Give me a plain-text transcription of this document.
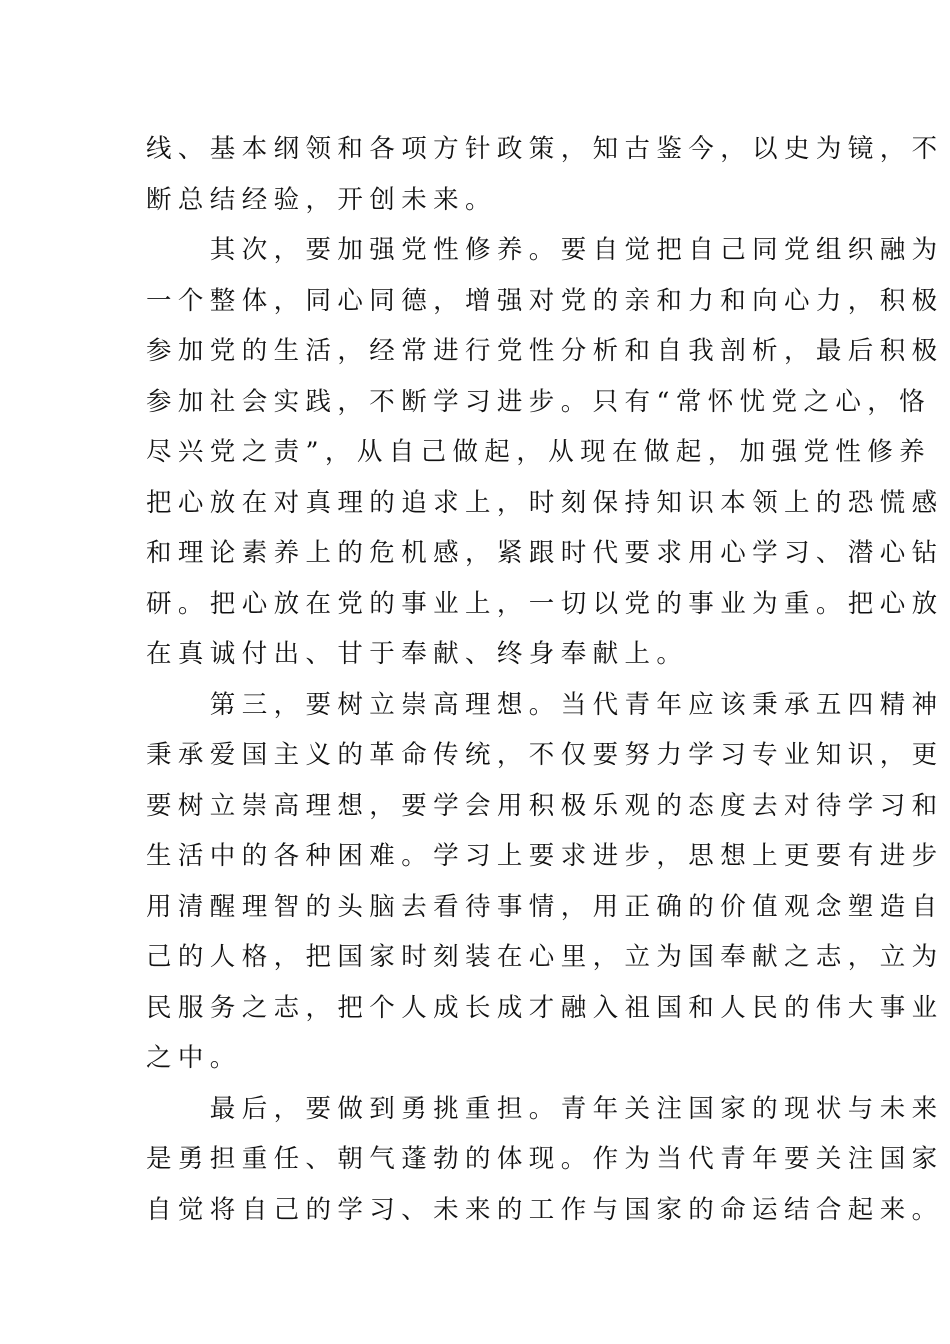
线、基本纲领和各项方针政策，知古鉴今，以史为镜，不
断总结经验，开创未来。
　　其次，要加强党性修养。要自觉把自己同党组织融为
一个整体，同心同德，增强对党的亲和力和向心力，积极
参加党的生活，经常进行党性分析和自我剖析，最后积极
参加社会实践，不断学习进步。只有“常怀忧党之心，恪
尽兴党之责”，从自己做起，从现在做起，加强党性修养
把心放在对真理的追求上，时刻保持知识本领上的恐慌感
和理论素养上的危机感，紧跟时代要求用心学习、潜心钻
研。把心放在党的事业上，一切以党的事业为重。把心放
在真诚付出、甘于奉献、终身奉献上。
　　第三，要树立崇高理想。当代青年应该秉承五四精神
秉承爱国主义的革命传统，不仅要努力学习专业知识，更
要树立崇高理想，要学会用积极乐观的态度去对待学习和
生活中的各种困难。学习上要求进步，思想上更要有进步
用清醒理智的头脑去看待事情，用正确的价值观念塑造自
己的人格，把国家时刻装在心里，立为国奉献之志，立为
民服务之志，把个人成长成才融入祖国和人民的伟大事业
之中。
　　最后，要做到勇挑重担。青年关注国家的现状与未来
是勇担重任、朝气蓬勃的体现。作为当代青年要关注国家
自觉将自己的学习、未来的工作与国家的命运结合起来。
